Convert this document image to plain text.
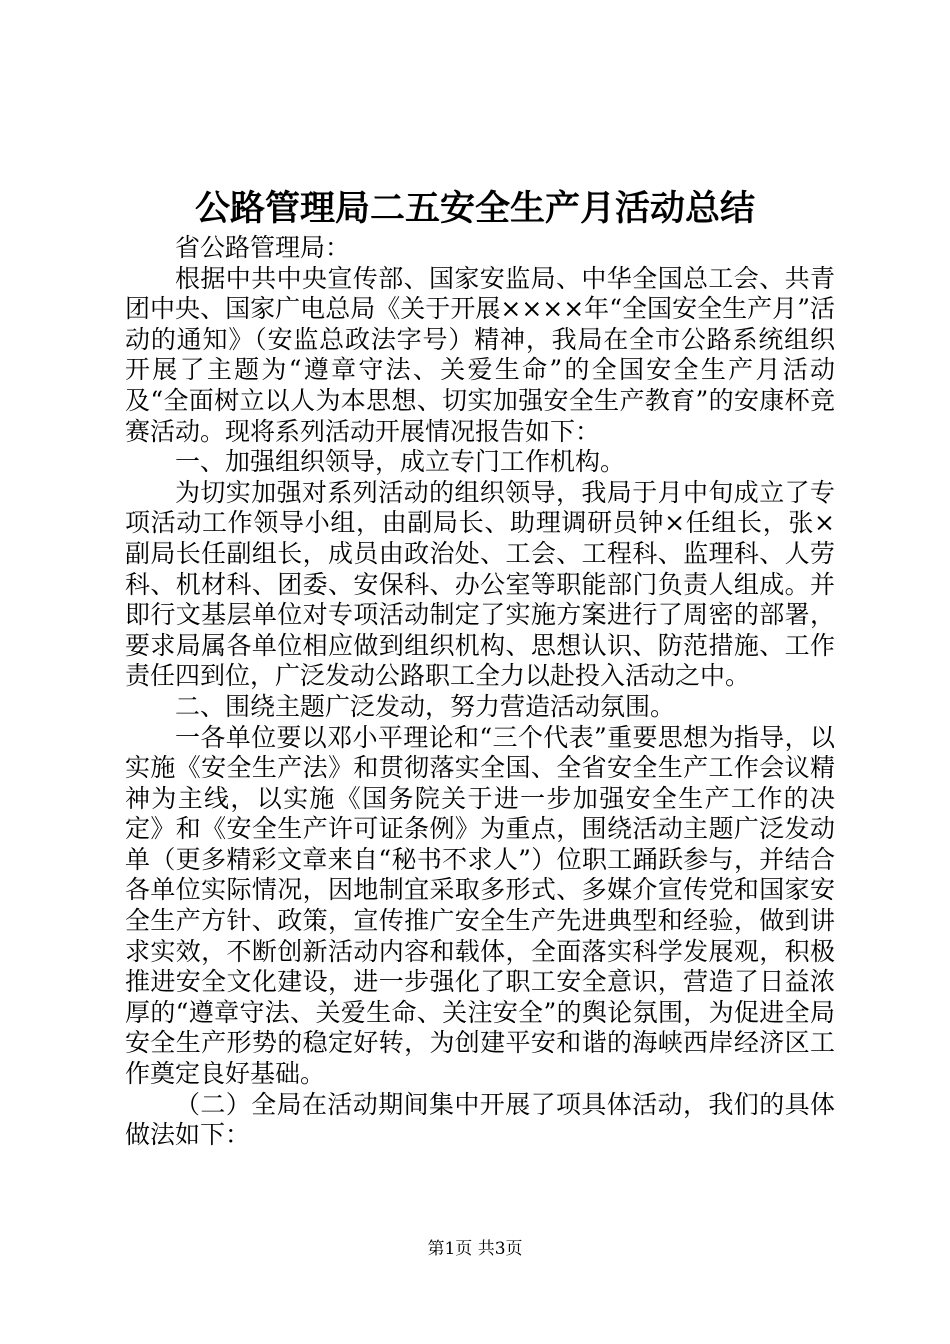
公路管理局二五安全生产月活动总结

省公路管理局：

根据中共中央宣传部、国家安监局、中华全国总工会、共青团中央、国家广电总局《关于开展××××年“全国安全生产月”活动的通知》（安监总政法字号）精神，我局在全市公路系统组织开展了主题为“遵章守法、关爱生命”的全国安全生产月活动及“全面树立以人为本思想、切实加强安全生产教育”的安康杯竞赛活动。现将系列活动开展情况报告如下：

一、加强组织领导，成立专门工作机构。

为切实加强对系列活动的组织领导，我局于月中旬成立了专项活动工作领导小组，由副局长、助理调研员钟×任组长，张×副局长任副组长，成员由政治处、工会、工程科、监理科、人劳科、机材科、团委、安保科、办公室等职能部门负责人组成。并即行文基层单位对专项活动制定了实施方案进行了周密的部署，要求局属各单位相应做到组织机构、思想认识、防范措施、工作责任四到位，广泛发动公路职工全力以赴投入活动之中。

二、围绕主题广泛发动，努力营造活动氛围。

一各单位要以邓小平理论和“三个代表”重要思想为指导，以实施《安全生产法》和贯彻落实全国、全省安全生产工作会议精神为主线，以实施《国务院关于进一步加强安全生产工作的决定》和《安全生产许可证条例》为重点，围绕活动主题广泛发动单（更多精彩文章来自“秘书不求人”）位职工踊跃参与，并结合各单位实际情况，因地制宜采取多形式、多媒介宣传党和国家安全生产方针、政策，宣传推广安全生产先进典型和经验，做到讲求实效，不断创新活动内容和载体，全面落实科学发展观，积极推进安全文化建设，进一步强化了职工安全意识，营造了日益浓厚的“遵章守法、关爱生命、关注安全”的舆论氛围，为促进全局安全生产形势的稳定好转，为创建平安和谐的海峡西岸经济区工作奠定良好基础。

（二）全局在活动期间集中开展了项具体活动，我们的具体做法如下：

第1页 共3页
